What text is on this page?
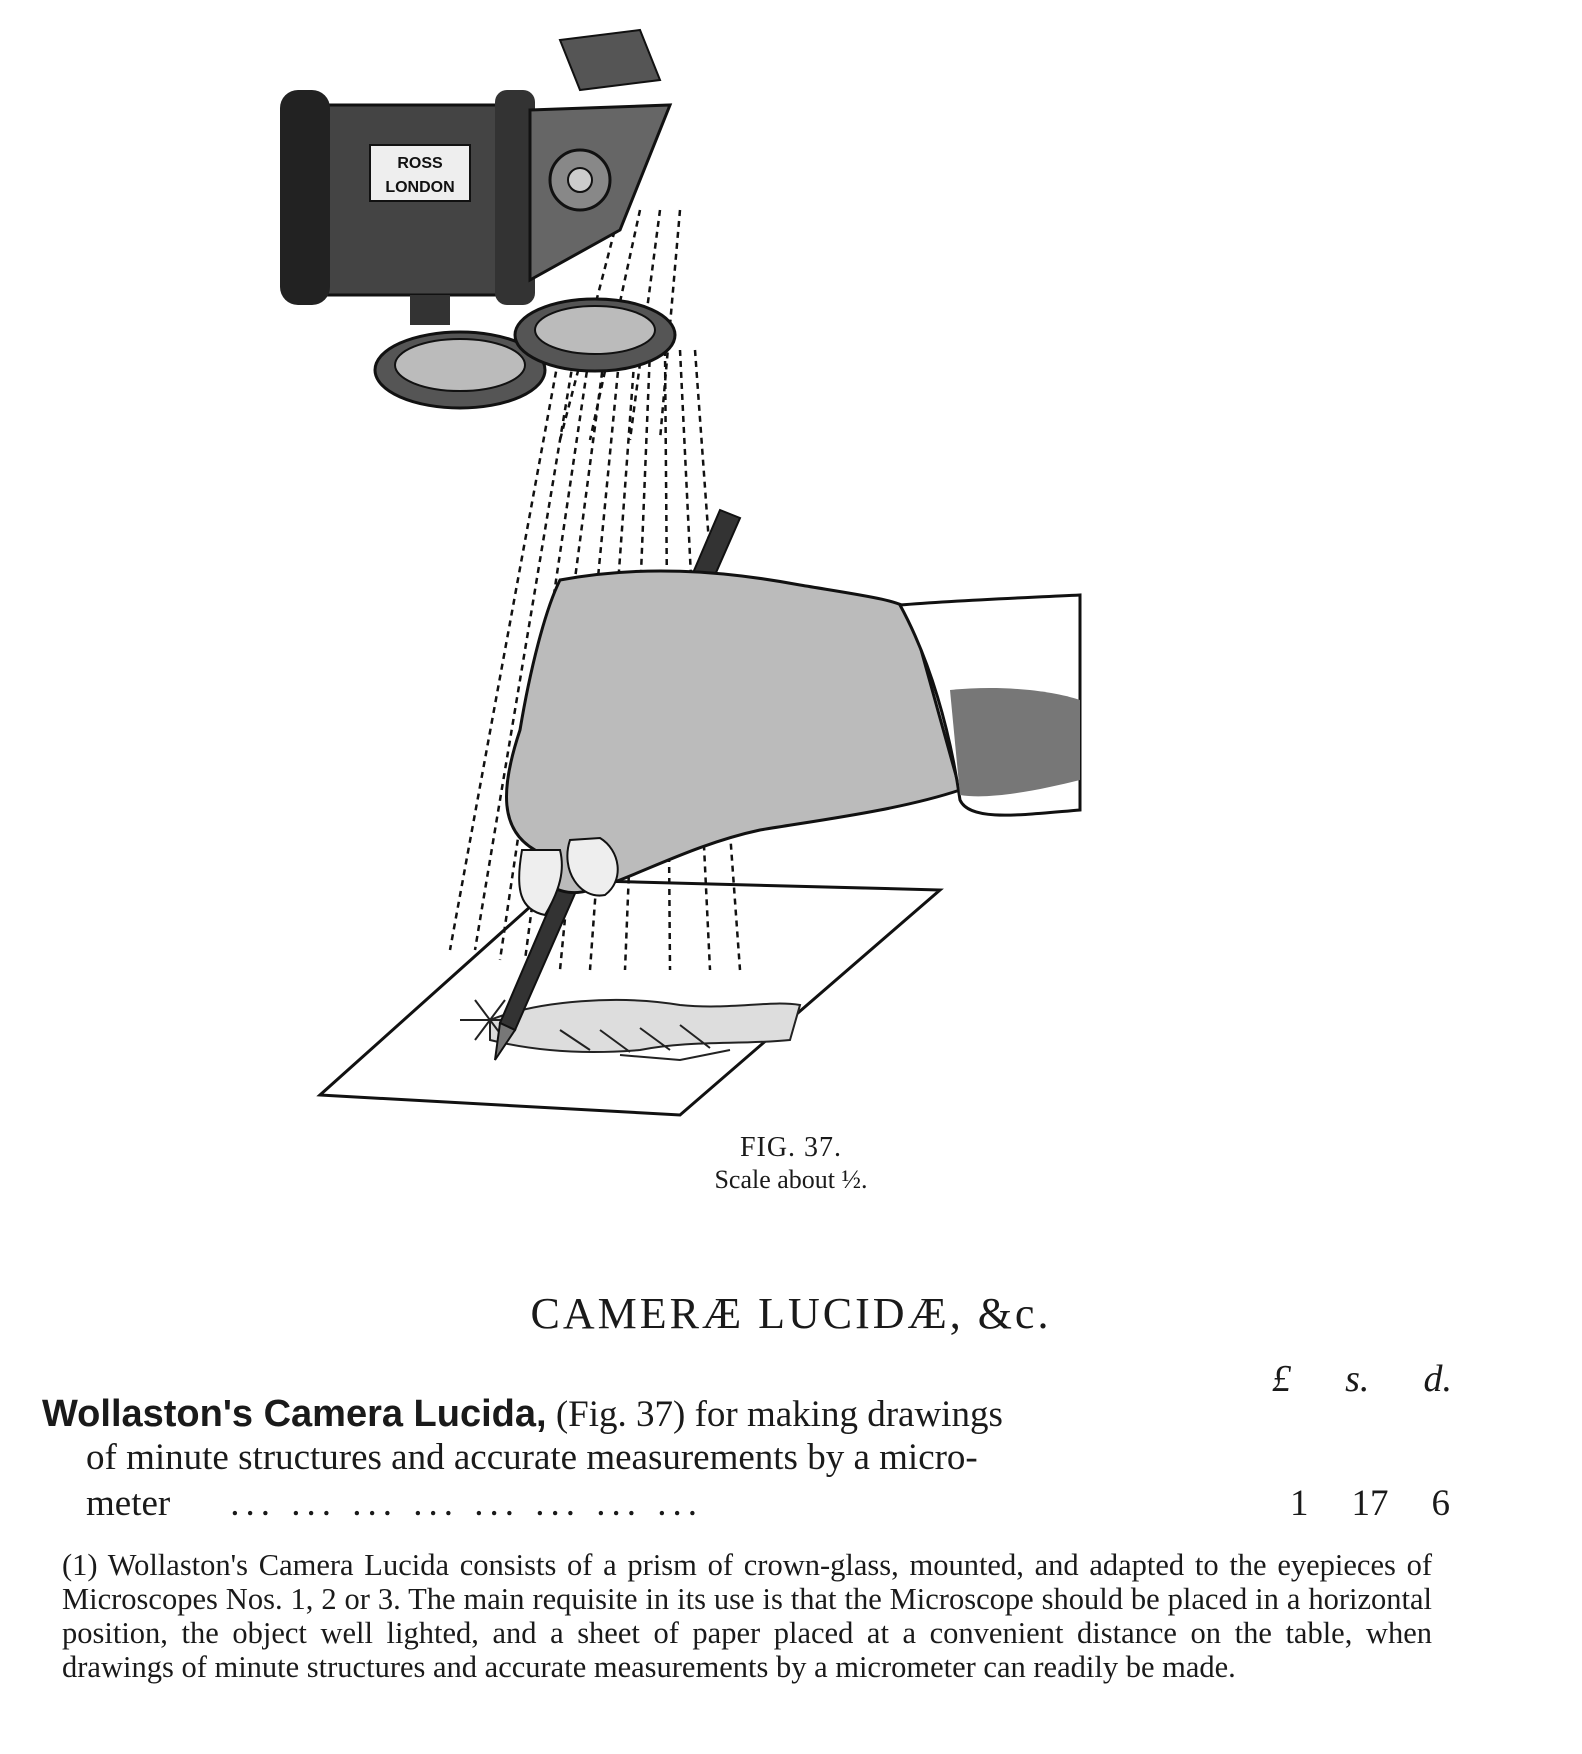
ROSS
LONDON
FIG. 37.
Scale about ½.
CAMERÆ LUCIDÆ, &c.
£ s. d.
Wollaston's Camera Lucida, (Fig. 37) for making drawings
of minute structures and accurate measurements by a micro-
meter	... ... ... ... ... ... ... ...	1 17 6

(1) Wollaston's Camera Lucida consists of a prism of crown-glass, mounted, and adapted to the eyepieces of Microscopes Nos. 1, 2 or 3. The main requisite in its use is that the Microscope should be placed in a horizontal position, the object well lighted, and a sheet of paper placed at a convenient distance on the table, when drawings of minute structures and accurate measurements by a micrometer can readily be made.
